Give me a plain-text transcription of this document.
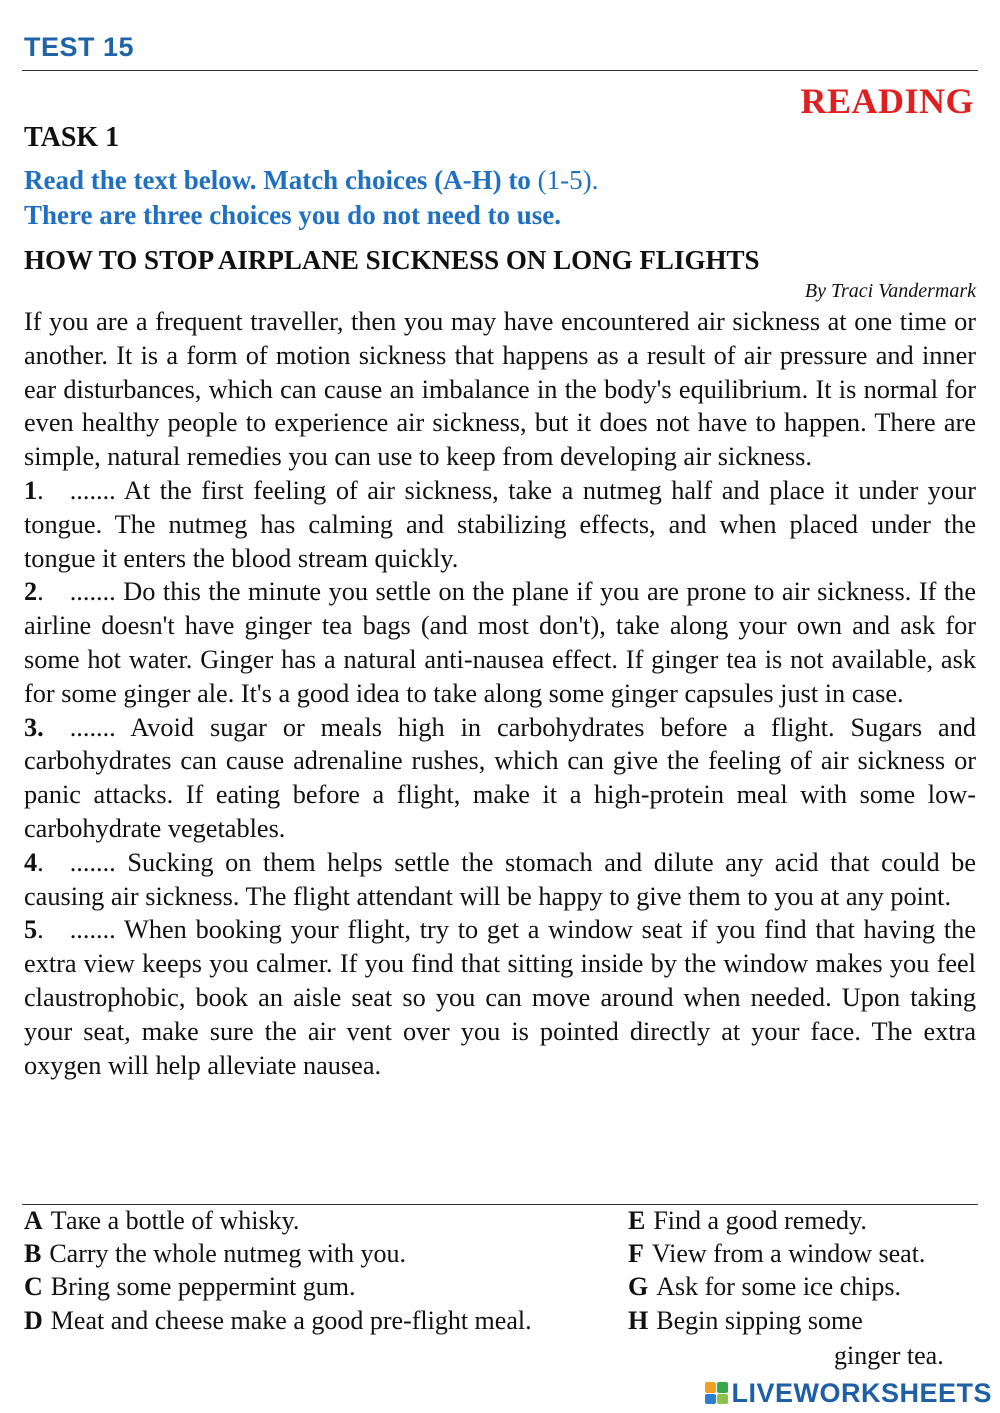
TEST 15
READING
TASK 1
Read the text below. Match choices (A-H) to (1-5).
There are three choices you do not need to use.
HOW TO STOP AIRPLANE SICKNESS ON LONG FLIGHTS
By Traci Vandermark

If you are a frequent traveller, then you may have encountered air sickness at one time or another. It is a form of motion sickness that happens as a result of air pressure and inner ear disturbances, which can cause an imbalance in the body's equilibrium. It is normal for even healthy people to experience air sickness, but it does not have to happen. There are simple, natural remedies you can use to keep from developing air sickness.

1. ....... At the first feeling of air sickness, take a nutmeg half and place it under your tongue. The nutmeg has calming and stabilizing effects, and when placed under the tongue it enters the blood stream quickly.

2. ....... Do this the minute you settle on the plane if you are prone to air sickness. If the airline doesn't have ginger tea bags (and most don't), take along your own and ask for some hot water. Ginger has a natural anti-nausea effect. If ginger tea is not available, ask for some ginger ale. It's a good idea to take along some ginger capsules just in case.

3. ....... Avoid sugar or meals high in carbohydrates before a flight. Sugars and carbohydrates can cause adrenaline rushes, which can give the feeling of air sickness or panic attacks. If eating before a flight, make it a high-protein meal with some low-carbohydrate vegetables.

4. ....... Sucking on them helps settle the stomach and dilute any acid that could be causing air sickness. The flight attendant will be happy to give them to you at any point.

5. ....... When booking your flight, try to get a window seat if you find that having the extra view keeps you calmer. If you find that sitting inside by the window makes you feel claustrophobic, book an aisle seat so you can move around when needed. Upon taking your seat, make sure the air vent over you is pointed directly at your face. The extra oxygen will help alleviate nausea.

A Таке a bottle of whisky.
B Carry the whole nutmeg with you.
C Bring some peppermint gum.
D Meat and cheese make a good pre-flight meal.
E Find a good remedy.
F View from a window seat.
G Ask for some ice chips.
H Begin sipping some
ginger tea.
LIVEWORKSHEETS
